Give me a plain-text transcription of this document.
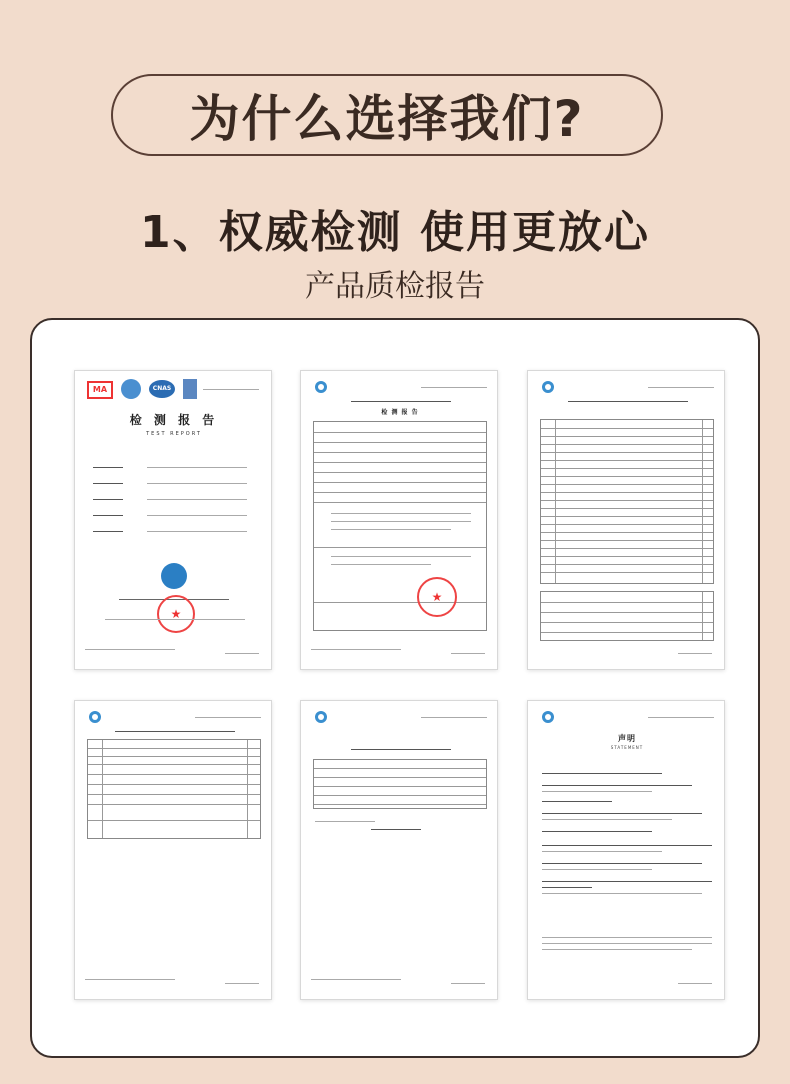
为什么选择我们?
1、权威检测 使用更放心
产品质检报告
MA	CNAS
检 测 报 告
TEST REPORT
★
检 测 报 告
★
声明
STATEMENT
